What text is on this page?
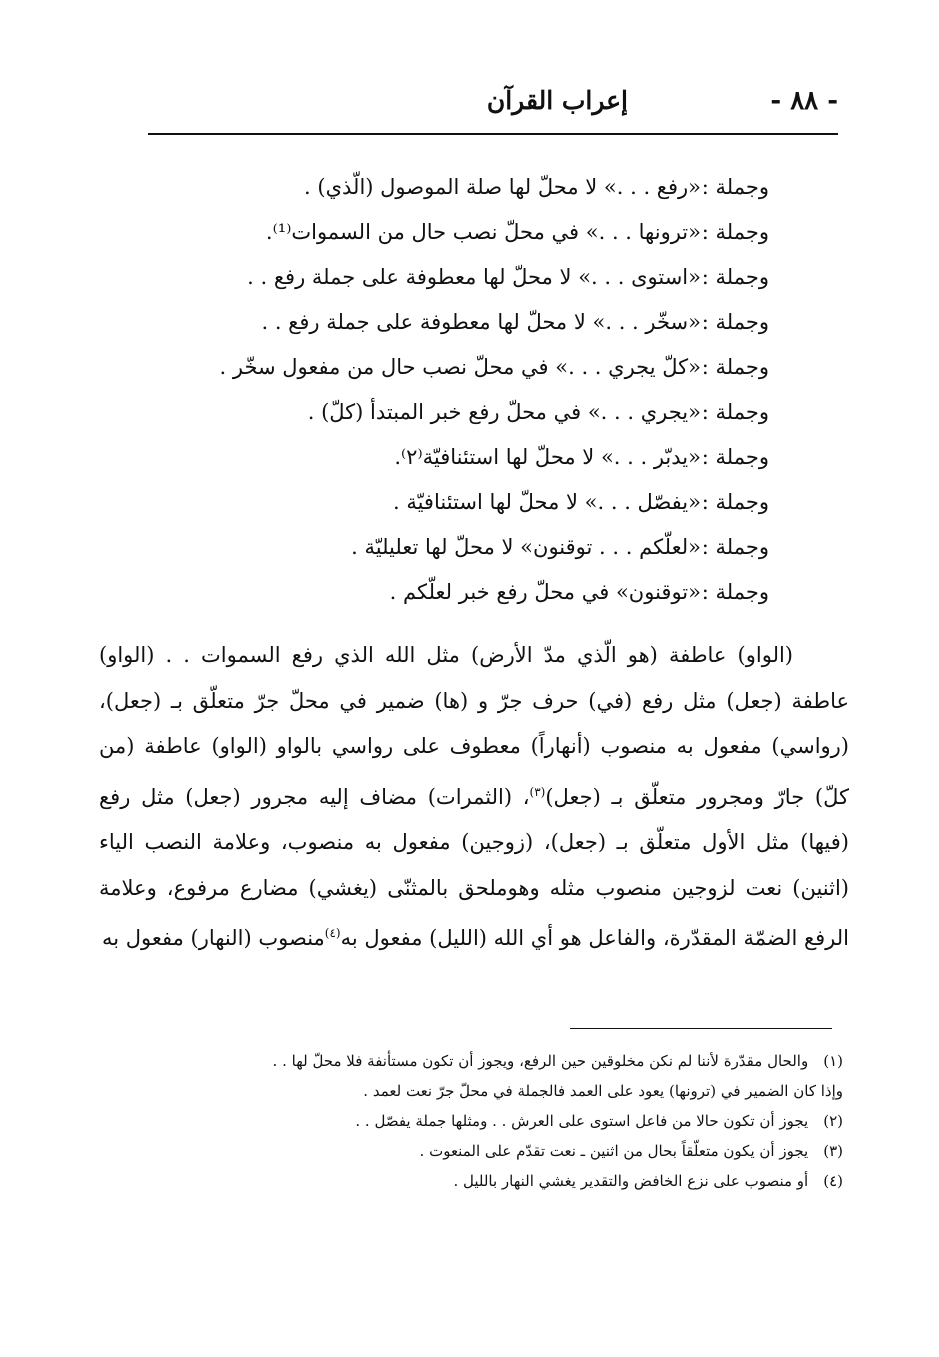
- ٨٨ -
إعراب القرآن
وجملة :«رفع . . .» لا محلّ لها صلة الموصول (الّذي) .
وجملة :«ترونها . . .» في محلّ نصب حال من السموات⁽¹⁾.
وجملة :«استوى . . .» لا محلّ لها معطوفة على جملة رفع . .
وجملة :«سخّر . . .» لا محلّ لها معطوفة على جملة رفع . .
وجملة :«كلّ يجري . . .» في محلّ نصب حال من مفعول سخّر .
وجملة :«يجري . . .» في محلّ رفع خبر المبتدأ (كلّ) .
وجملة :«يدبّر . . .» لا محلّ لها استئنافيّة⁽٢⁾.
وجملة :«يفصّل . . .» لا محلّ لها استئنافيّة .
وجملة :«لعلّكم . . . توقنون» لا محلّ لها تعليليّة .
وجملة :«توقنون» في محلّ رفع خبر لعلّكم .

(الواو) عاطفة (هو الّذي مدّ الأرض) مثل الله الذي رفع السموات . . (الواو) عاطفة (جعل) مثل رفع (في) حرف جرّ و (ها) ضمير في محلّ جرّ متعلّق بـ (جعل)، (رواسي) مفعول به منصوب (أنهاراً) معطوف على رواسي بالواو (الواو) عاطفة (من كلّ) جارّ ومجرور متعلّق بـ (جعل)$^{(٣)}$، (الثمرات) مضاف إليه مجرور (جعل) مثل رفع (فيها) مثل الأول متعلّق بـ (جعل)، (زوجين) مفعول به منصوب، وعلامة النصب الياء (اثنين) نعت لزوجين منصوب مثله وهوملحق بالمثنّى (يغشي) مضارع مرفوع، وعلامة الرفع الضمّة المقدّرة، والفاعل هو أي الله (الليل) مفعول به$^{(٤)}$منصوب (النهار) مفعول به

(١) والحال مقدّرة لأننا لم نكن مخلوقين حين الرفع، ويجوز أن تكون مستأنفة فلا محلّ لها . .
وإذا كان الضمير في (ترونها) يعود على العمد فالجملة في محلّ جرّ نعت لعمد .
(٢) يجوز أن تكون حالا من فاعل استوى على العرش . . ومثلها جملة يفصّل . .
(٣) يجوز أن يكون متعلّقاً بحال من اثنين ـ نعت تقدّم على المنعوت .
(٤) أو منصوب على نزع الخافض والتقدير يغشي النهار بالليل .
